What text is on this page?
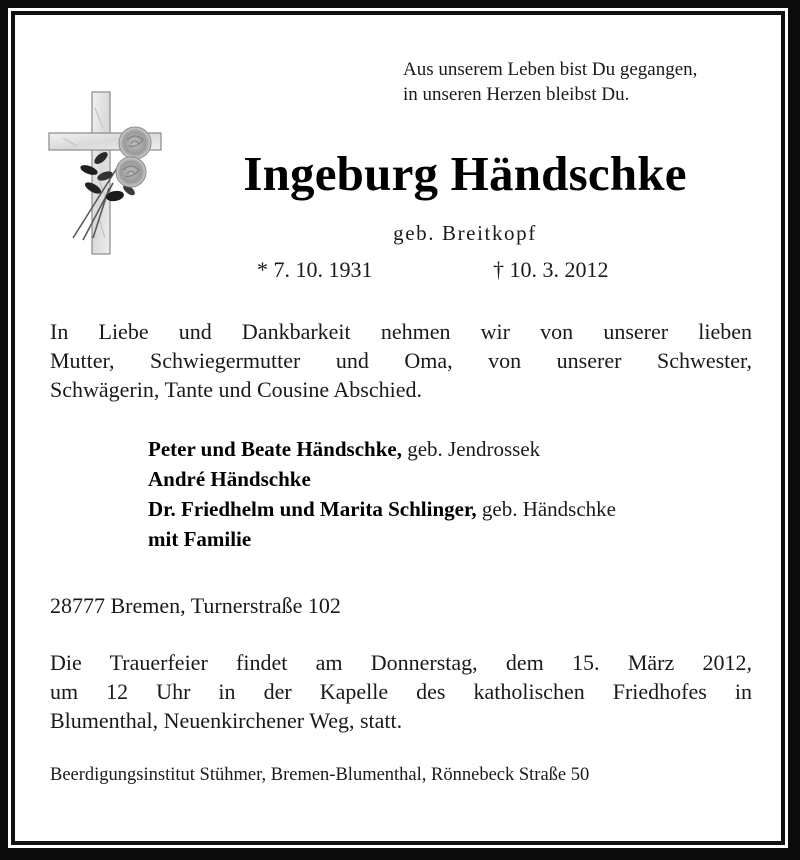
Aus unserem Leben bist Du gegangen,
in unseren Herzen bleibst Du.
Ingeburg Händschke
geb. Breitkopf
* 7. 10. 1931	† 10. 3. 2012
In Liebe und Dankbarkeit nehmen wir von unserer lieben
Mutter, Schwiegermutter und Oma, von unserer Schwester,
Schwägerin, Tante und Cousine Abschied.
Peter und Beate Händschke, geb. Jendrossek
André Händschke
Dr. Friedhelm und Marita Schlinger, geb. Händschke
mit Familie
28777 Bremen, Turnerstraße 102
Die Trauerfeier findet am Donnerstag, dem 15. März 2012,
um 12 Uhr in der Kapelle des katholischen Friedhofes in
Blumenthal, Neuenkirchener Weg, statt.
Beerdigungsinstitut Stühmer, Bremen-Blumenthal, Rönnebeck Straße 50
